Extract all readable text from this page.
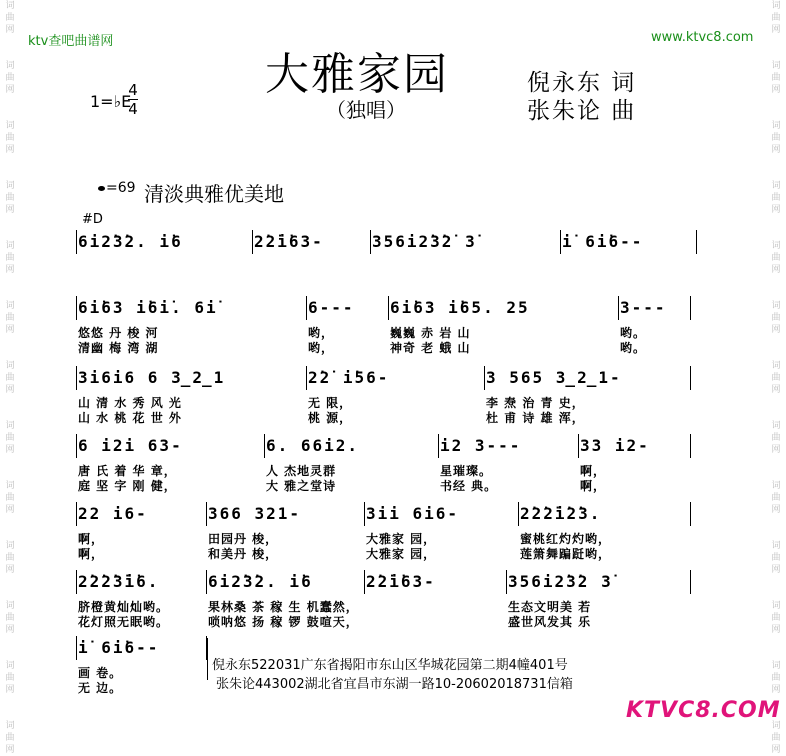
词曲网
词曲网
词曲网
词曲网
词曲网
词曲网
词曲网
词曲网
词曲网
词曲网
词曲网
词曲网
词曲网
词曲网
词曲网
词曲网
词曲网
词曲网
词曲网
词曲网
词曲网
词曲网
词曲网
词曲网
词曲网
词曲网
ktv查吧曲谱网	www.ktvc8.com
大雅家园
（独唱）
倪永东 词
张朱论 曲
1=♭E
4
4
=69 清淡典雅优美地
#D
6i2̇3̇2. i̇6	2̇2̇i̇63-	356i2̇3̇2̇ 3̇	i̇ 6i̇6--
6i̇63 i̇6i̇. 6i̇	6--- 6i̇63 i̇65. 25	3---
悠悠 丹 梭 河	哟，	巍巍 赤 岩 山	哟。
清幽 梅 湾 湖	哟，	神奇 老 蛾 山	哟。
3i6i6 6 3̲2̲1	2̇2̇ i̇56-	3 565 3̲2̲1-
山 清 水 秀 风 光	无 限，	李 焘 治 青 史，
山 水 桃 花 世 外	桃 源，	杜 甫 诗 雄 浑，
6 i2i 63-	6. 66i2.	i2 3---	33 i2-
唐 氏 着 华 章，	人 杰地灵群	星璀璨。	啊，
庭 坚 字 刚 健，	大 雅之堂诗	书经 典。	啊，
22 i6-	366 321-	3ii 6i6-	2̇2̇2̇i̇2̇3.
啊，	田园丹 梭，	大雅家 园，	蜜桃红灼灼哟，
啊，	和美丹 梭，	大雅家 园，	莲箫舞蹁跹哟，
2̇2̇2̇3̇i̇6.	6i2̇3̇2. i̇6	2̇2̇i̇63-	356i2̇3̇2 3̇
脐橙黄灿灿哟。	果林桑 茶 稼 生 机蠢然，	生态文明美 若
花灯照无眠哟。	唢呐悠 扬 稼 锣 鼓喧天，	盛世风发其 乐
i̇ 6i̇6--
画 卷。
无 边。
倪永东522031广东省揭阳市东山区华城花园第二期4幢401号
张朱论443002湖北省宜昌市东湖一路10-20602018731信箱
KTVC8.COM
